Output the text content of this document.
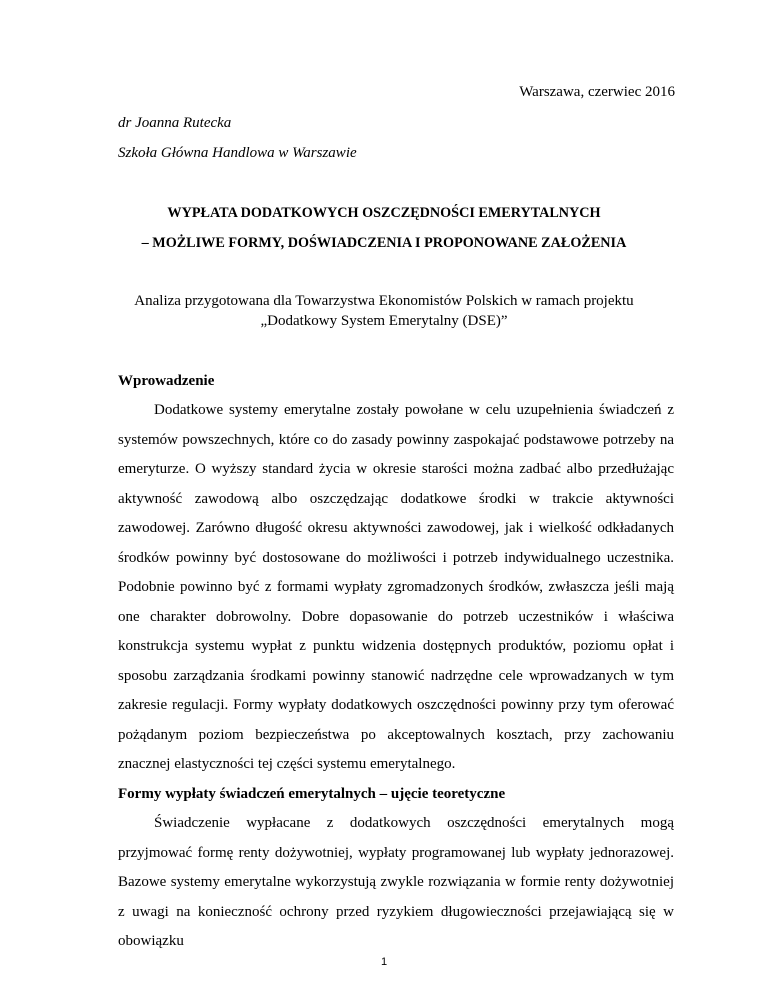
Warszawa, czerwiec 2016
dr Joanna Rutecka
Szkoła Główna Handlowa w Warszawie
WYPŁATA DODATKOWYCH OSZCZĘDNOŚCI EMERYTALNYCH
– MOŻLIWE FORMY, DOŚWIADCZENIA I PROPONOWANE ZAŁOŻENIA
Analiza przygotowana dla Towarzystwa Ekonomistów Polskich w ramach projektu
„Dodatkowy System Emerytalny (DSE)”
Wprowadzenie
Dodatkowe systemy emerytalne zostały powołane w celu uzupełnienia świadczeń z systemów powszechnych, które co do zasady powinny zaspokajać podstawowe potrzeby na emeryturze. O wyższy standard życia w okresie starości można zadbać albo przedłużając aktywność zawodową albo oszczędzając dodatkowe środki w trakcie aktywności zawodowej. Zarówno długość okresu aktywności zawodowej, jak i wielkość odkładanych środków powinny być dostosowane do możliwości i potrzeb indywidualnego uczestnika. Podobnie powinno być z formami wypłaty zgromadzonych środków, zwłaszcza jeśli mają one charakter dobrowolny. Dobre dopasowanie do potrzeb uczestników i właściwa konstrukcja systemu wypłat z punktu widzenia dostępnych produktów, poziomu opłat i sposobu zarządzania środkami powinny stanowić nadrzędne cele wprowadzanych w tym zakresie regulacji. Formy wypłaty dodatkowych oszczędności powinny przy tym oferować pożądanym poziom bezpieczeństwa po akceptowalnych kosztach, przy zachowaniu znacznej elastyczności tej części systemu emerytalnego.
Formy wypłaty świadczeń emerytalnych – ujęcie teoretyczne
Świadczenie wypłacane z dodatkowych oszczędności emerytalnych mogą przyjmować formę renty dożywotniej, wypłaty programowanej lub wypłaty jednorazowej. Bazowe systemy emerytalne wykorzystują zwykle rozwiązania w formie renty dożywotniej z uwagi na konieczność ochrony przed ryzykiem długowieczności przejawiającą się w obowiązku
1
